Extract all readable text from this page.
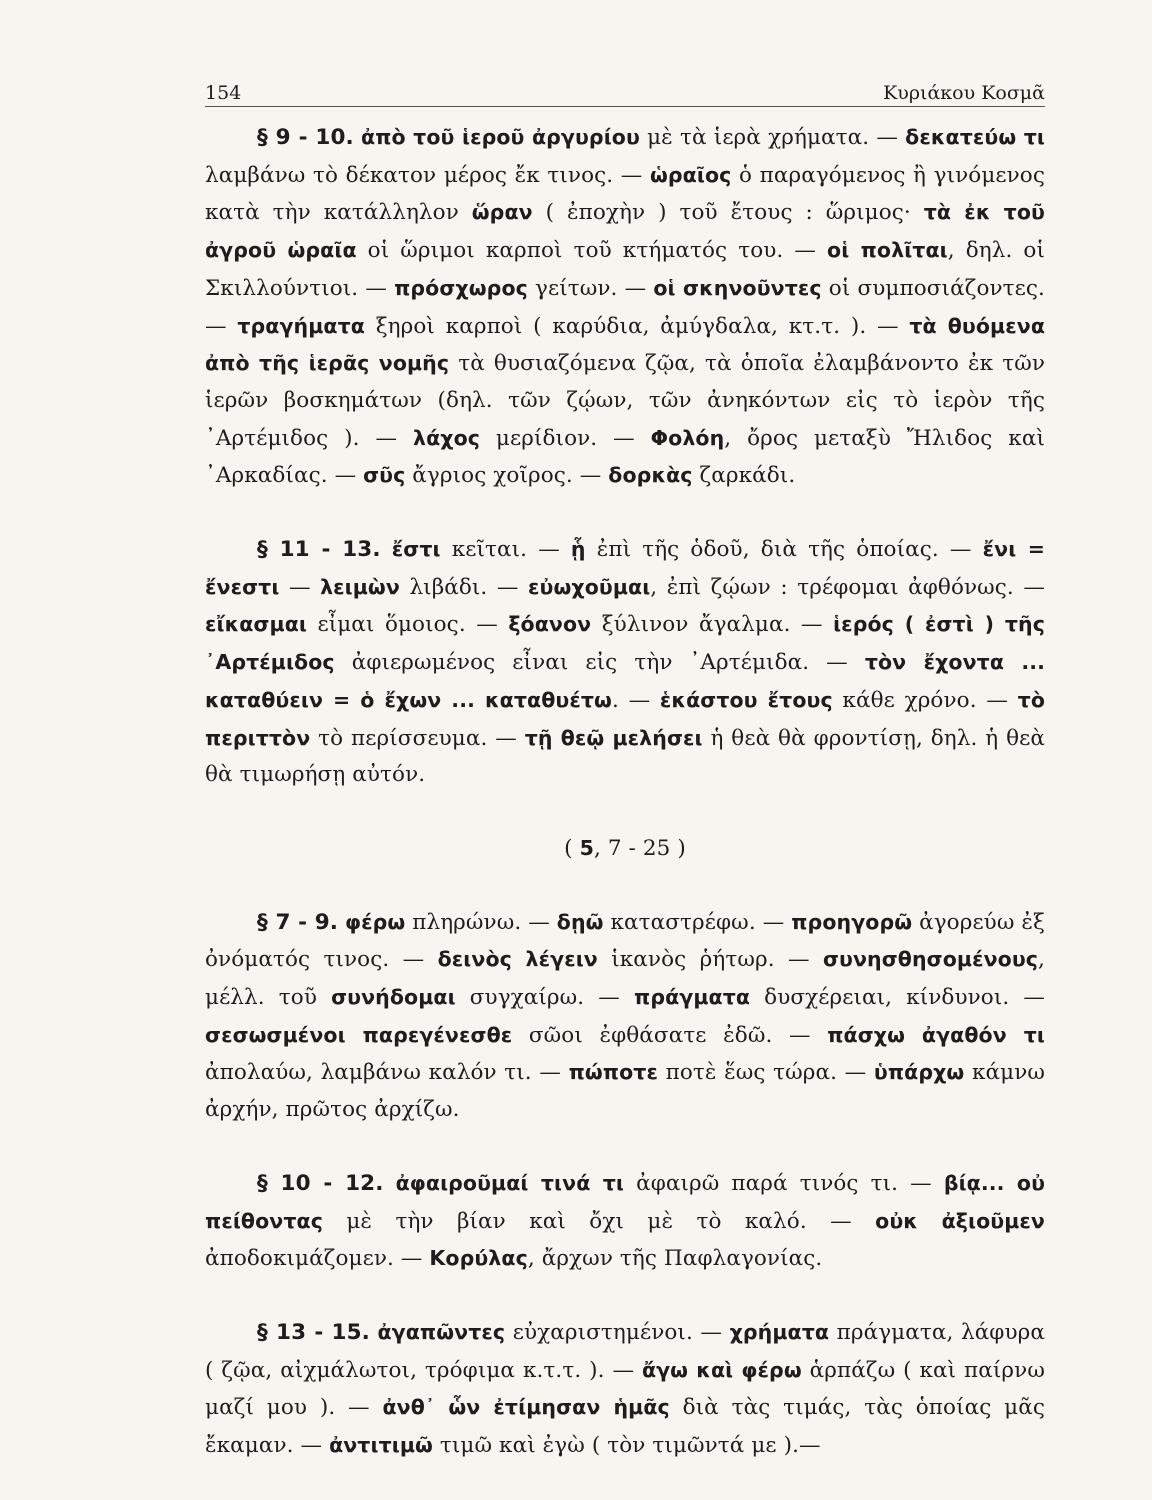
154	Κυριάκου Κοσμᾶ

§ 9 - 10. ἀπὸ τοῦ ἱεροῦ ἀργυρίου μὲ τὰ ἱερὰ χρήματα. — δεκατεύω τι λαμβάνω τὸ δέκατον μέρος ἔκ τινος. — ὡραῖος ὁ παραγόμενος ἢ γινόμενος κατὰ τὴν κατάλληλον ὥραν ( ἐποχὴν ) τοῦ ἔτους : ὥριμος· τὰ ἐκ τοῦ ἀγροῦ ὡραῖα οἱ ὥριμοι καρποὶ τοῦ κτήματός του. — οἱ πολῖται, δηλ. οἱ Σκιλλούντιοι. — πρόσχωρος γείτων. — οἱ σκηνοῦντες οἱ συμποσιάζοντες. — τραγήματα ξηροὶ καρποὶ ( καρύδια, ἀμύγδαλα, κτ.τ. ). — τὰ θυόμενα ἀπὸ τῆς ἱερᾶς νομῆς τὰ θυσιαζόμενα ζῷα, τὰ ὁποῖα ἐλαμβάνοντο ἐκ τῶν ἱερῶν βοσκημάτων (δηλ. τῶν ζῴων, τῶν ἀνηκόντων εἰς τὸ ἱερὸν τῆς ᾿Αρτέμιδος ). — λάχος μερίδιον. — Φολόη, ὄρος μεταξὺ Ἤλιδος καὶ ᾿Αρκαδίας. — σῦς ἄγριος χοῖρος. — δορκὰς ζαρκάδι.

§ 11 - 13. ἔστι κεῖται. — ᾗ ἐπὶ τῆς ὁδοῦ, διὰ τῆς ὁποίας. — ἔνι = ἔνεστι — λειμὼν λιβάδι. — εὐωχοῦμαι, ἐπὶ ζῴων : τρέφομαι ἀφθόνως. — εἴκασμαι εἶμαι ὅμοιος. — ξόανον ξύλινον ἄγαλμα. — ἱερός ( ἐστὶ ) τῆς ᾿Αρτέμιδος ἀφιερωμένος εἶναι εἰς τὴν ᾿Αρτέμιδα. — τὸν ἔχοντα ... καταθύειν = ὁ ἔχων ... καταθυέτω. — ἑκάστου ἔτους κάθε χρόνο. — τὸ περιττὸν τὸ περίσσευμα. — τῇ θεῷ μελήσει ἡ θεὰ θὰ φροντίσῃ, δηλ. ἡ θεὰ θὰ τιμωρήσῃ αὐτόν.

( 5, 7 - 25 )

§ 7 - 9. φέρω πληρώνω. — δῃῶ καταστρέφω. — προηγορῶ ἀγορεύω ἐξ ὀνόματός τινος. — δεινὸς λέγειν ἱκανὸς ῥήτωρ. — συνησθησομένους, μέλλ. τοῦ συνήδομαι συγχαίρω. — πράγματα δυσχέρειαι, κίνδυνοι. — σεσωσμένοι παρεγένεσθε σῶοι ἐφθάσατε ἐδῶ. — πάσχω ἀγαθόν τι ἀπολαύω, λαμβάνω καλόν τι. — πώποτε ποτὲ ἕως τώρα. — ὑπάρχω κάμνω ἀρχήν, πρῶτος ἀρχίζω.

§ 10 - 12. ἀφαιροῦμαί τινά τι ἀφαιρῶ παρά τινός τι. — βίᾳ... οὐ πείθοντας μὲ τὴν βίαν καὶ ὄχι μὲ τὸ καλό. — οὐκ ἀξιοῦμεν ἀποδοκιμάζομεν. — Κορύλας, ἄρχων τῆς Παφλαγονίας.

§ 13 - 15. ἀγαπῶντες εὐχαριστημένοι. — χρήματα πράγματα, λάφυρα ( ζῷα, αἰχμάλωτοι, τρόφιμα κ.τ.τ. ). — ἄγω καὶ φέρω ἁρπάζω ( καὶ παίρνω μαζί μου ). — ἀνθ᾽ ὧν ἐτίμησαν ἡμᾶς διὰ τὰς τιμάς, τὰς ὁποίας μᾶς ἔκαμαν. — ἀντιτιμῶ τιμῶ καὶ ἐγὼ ( τὸν τιμῶντά με ).—
